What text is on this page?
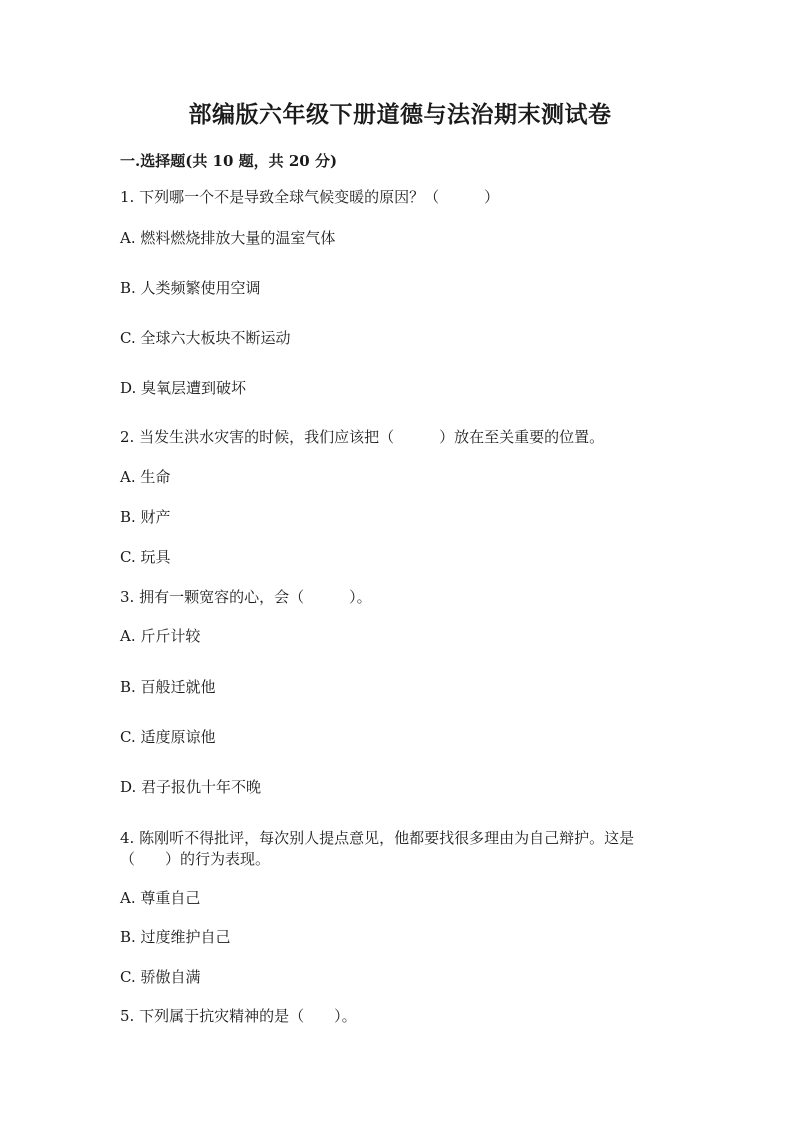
部编版六年级下册道德与法治期末测试卷
一.选择题(共 10 题，共 20 分)
1. 下列哪一个不是导致全球气候变暖的原因？（　　　）
A. 燃料燃烧排放大量的温室气体
B. 人类频繁使用空调
C. 全球六大板块不断运动
D. 臭氧层遭到破坏
2. 当发生洪水灾害的时候，我们应该把（　　　）放在至关重要的位置。
A. 生命
B. 财产
C. 玩具
3. 拥有一颗宽容的心，会（　　　）。
A. 斤斤计较
B. 百般迁就他
C. 适度原谅他
D. 君子报仇十年不晚
4. 陈刚听不得批评，每次别人提点意见，他都要找很多理由为自己辩护。这是
（　　）的行为表现。
A. 尊重自己
B. 过度维护自己
C. 骄傲自满
5. 下列属于抗灾精神的是（　　）。
